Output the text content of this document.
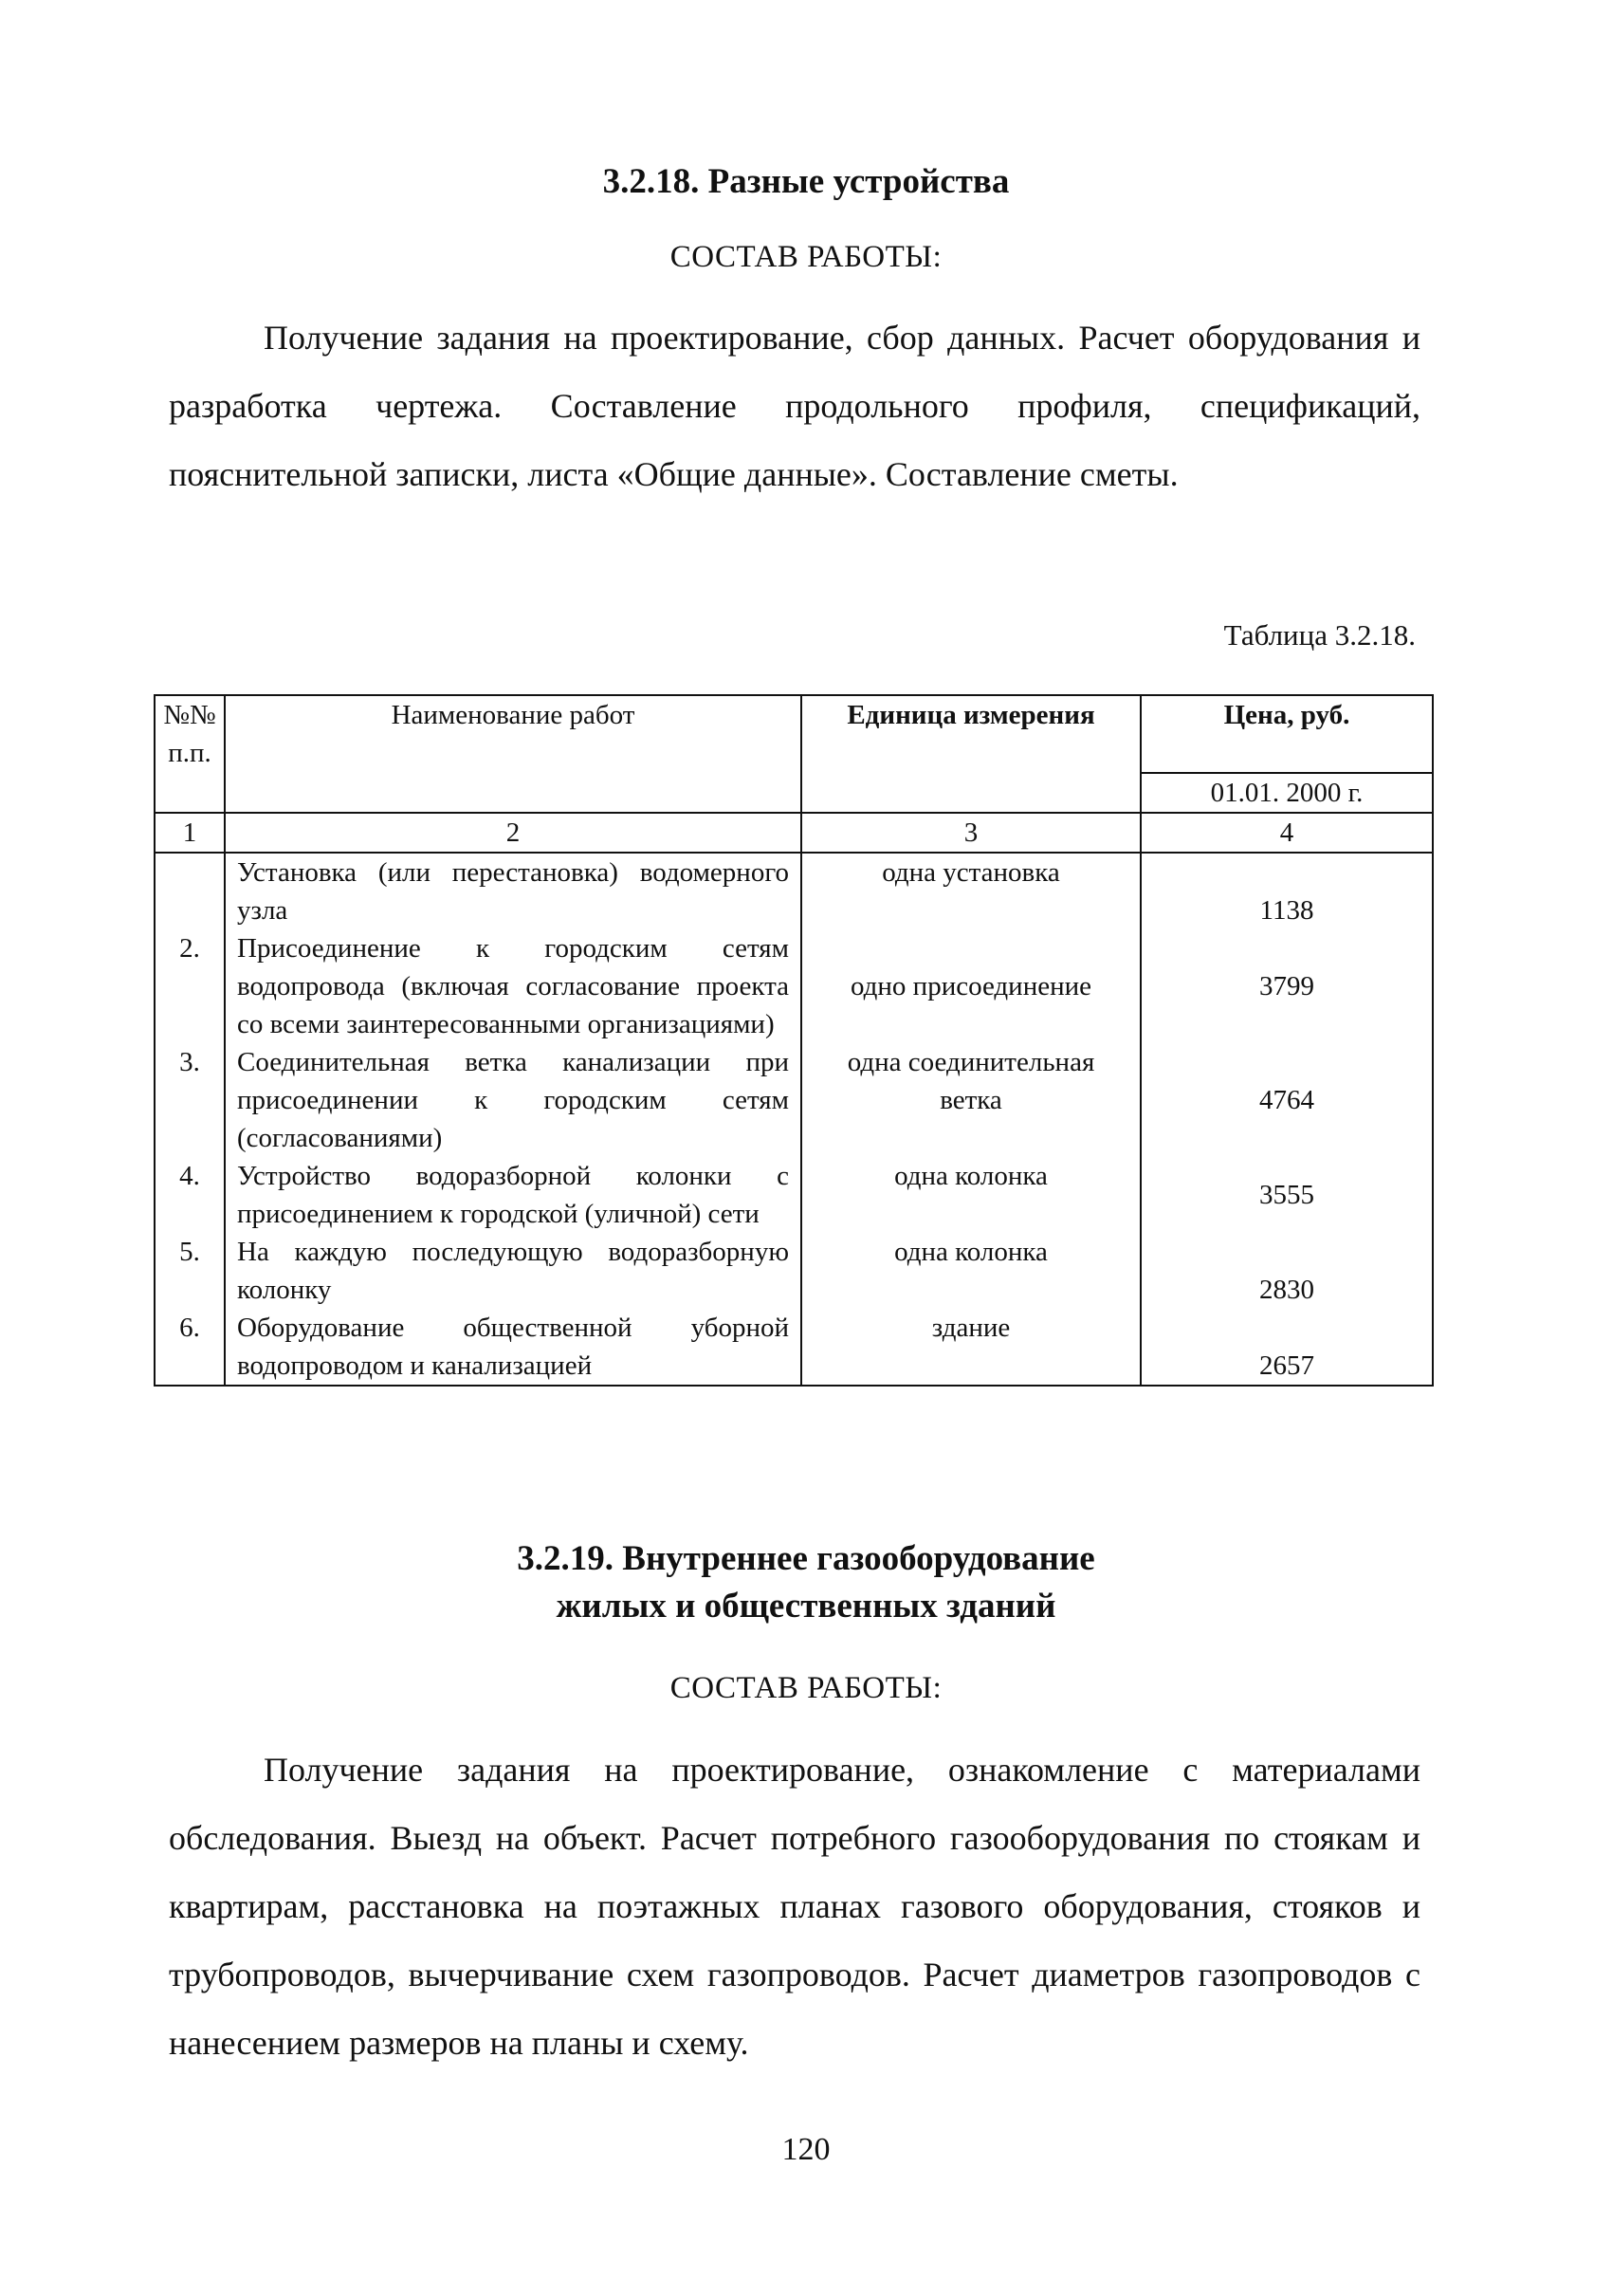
3.2.18. Разные устройства
СОСТАВ РАБОТЫ:
Получение задания на проектирование, сбор данных. Расчет оборудования и разработка чертежа. Составление продольного профиля, спецификаций, пояснительной записки, листа «Общие данные». Составление сметы.
Таблица 3.2.18.
№№ п.п.	Наименование работ	Единица измерения	Цена, руб.
			01.01. 2000 г.
1	2	3	4
	Установка (или перестановка) водомерного узла	одна установка	1138
2.	Присоединение к городским сетям водопровода (включая согласование проекта со всеми заинтересованными организациями)	одно присоединение	3799
3.	Соединительная ветка канализации при присоединении к городским сетям (согласованиями)	одна соединительная ветка	4764
4.	Устройство водоразборной колонки с присоединением к городской (уличной) сети	одна колонка	3555
5.	На каждую последующую водоразборную колонку	одна колонка	2830
6.	Оборудование общественной уборной водопроводом и канализацией	здание	2657
3.2.19. Внутреннее газооборудование
жилых и общественных зданий
СОСТАВ РАБОТЫ:
Получение задания на проектирование, ознакомление с материалами обследования. Выезд на объект. Расчет потребного газооборудования по стоякам и квартирам, расстановка на поэтажных планах газового оборудования, стояков и трубопроводов, вычерчивание схем газопроводов. Расчет диаметров газопроводов с нанесением размеров на планы и схему.
120
